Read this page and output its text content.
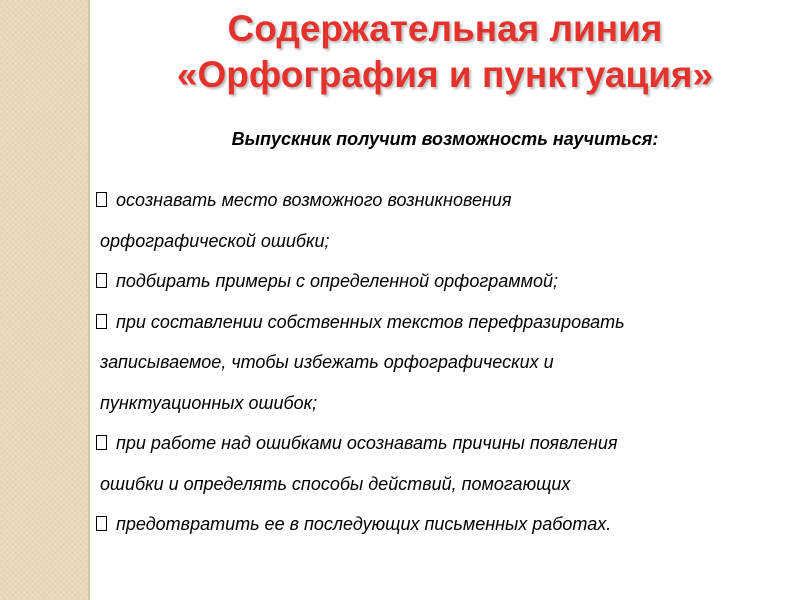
Содержательная линия
«Орфография и пунктуация»
Выпускник получит возможность научиться:
осознавать место возможного возникновения
орфографической ошибки;
подбирать примеры с определенной орфограммой;
при составлении собственных текстов перефразировать
записываемое, чтобы избежать орфографических и
пунктуационных ошибок;
при работе над ошибками осознавать причины появления
ошибки и определять способы действий, помогающих
предотвратить ее в последующих письменных работах.
